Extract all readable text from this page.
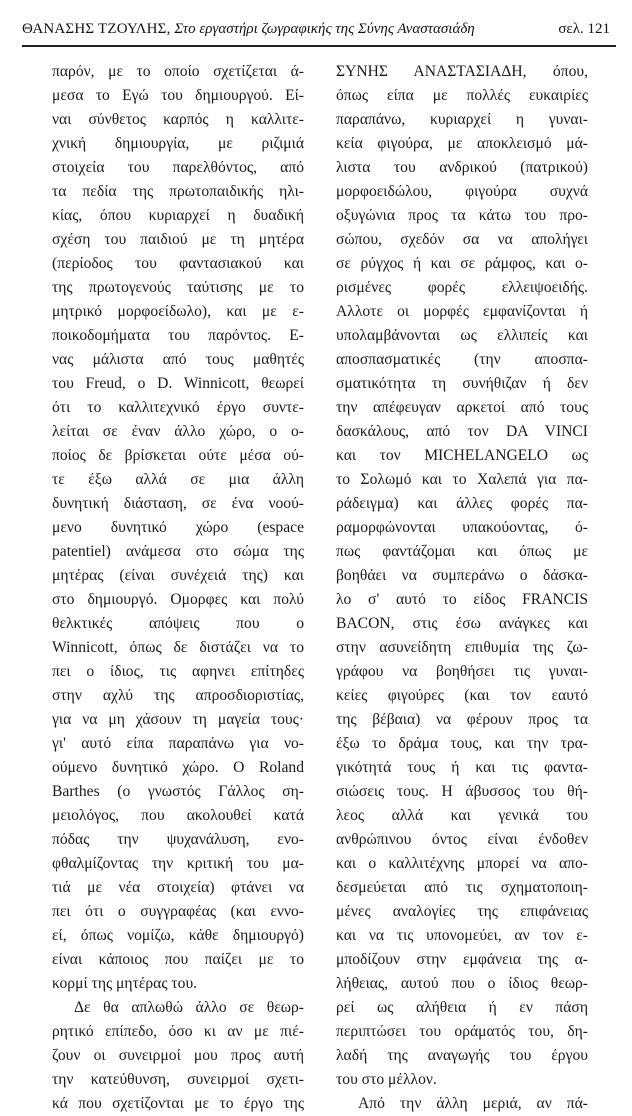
ΘΑΝΑΣΗΣ ΤΖΟΥΛΗΣ, Στο εργαστήρι ζωγραφικής της Σύνης Αναστασιάδη	σελ. 121
παρόν, με το οποίο σχετίζεται ά-
μεσα το Εγώ του δημιουργού. Εί-
ναι σύνθετος καρπός η καλλιτε-
χνική δημιουργία, με ριζιμιά
στοιχεία του παρελθόντος, από
τα πεδία της πρωτοπαιδικής ηλι-
κίας, όπου κυριαρχεί η δυαδική
σχέση του παιδιού με τη μητέρα
(περίοδος του φαντασιακού και
της πρωτογενούς ταύτισης με το
μητρικό μορφοείδωλο), και με ε-
ποικοδομήματα του παρόντος. Ε-
νας μάλιστα από τους μαθητές
του Freud, ο D. Winnicott, θεωρεί
ότι το καλλιτεχνικό έργο συντε-
λείται σε έναν άλλο χώρο, ο ο-
ποίος δε βρίσκεται ούτε μέσα ού-
τε έξω αλλά σε μια άλλη
δυνητική διάσταση, σε ένα νοού-
μενο δυνητικό χώρο (espace
patentiel) ανάμεσα στο σώμα της
μητέρας (είναι συνέχειά της) και
στο δημιουργό. Ομορφες και πολύ
θελκτικές απόψεις που ο
Winnicott, όπως δε διστάζει να το
πει ο ίδιος, τις αφηνει επίτηδες
στην αχλύ της απροσδιοριστίας,
για να μη χάσουν τη μαγεία τους·
γι' αυτό είπα παραπάνω για νο-
ούμενο δυνητικό χώρο. Ο Roland
Barthes (ο γνωστός Γάλλος ση-
μειολόγος, που ακολουθεί κατά
πόδας την ψυχανάλυση, ενο-
φθαλμίζοντας την κριτική του μα-
τιά με νέα στοιχεία) φτάνει να
πει ότι ο συγγραφέας (και εννο-
εί, όπως νομίζω, κάθε δημιουργό)
είναι κάποιος που παίζει με το
κορμί της μητέρας του.
Δε θα απλωθώ άλλο σε θεωρ-
ρητικό επίπεδο, όσο κι αν με πιέ-
ζουν οι συνειρμοί μου προς αυτή
την κατεύθυνση, συνειρμοί σχετι-
κά που σχετίζονται με το έργο της
ΣΥΝΗΣ ΑΝΑΣΤΑΣΙΑΔΗ, όπου,
όπως είπα με πολλές ευκαιρίες
παραπάνω, κυριαρχεί η γυναι-
κεία φιγούρα, με αποκλεισμό μά-
λιστα του ανδρικού (πατρικού)
μορφοειδώλου, φιγούρα συχνά
οξυγώνια προς τα κάτω του προ-
σώπου, σχεδόν σα να απολήγει
σε ρύγχος ή και σε ράμφος, και ο-
ρισμένες φορές ελλειψοειδής.
Αλλοτε οι μορφές εμφανίζονται ή
υπολαμβάνονται ως ελλιπείς και
αποσπασματικές (την αποσπα-
σματικότητα τη συνήθιζαν ή δεν
την απέφευγαν αρκετοί από τους
δασκάλους, από τον DA VINCI
και τον MICHELANGELO ως
το Σολωμό και το Χαλεπά για πα-
ράδειγμα) και άλλες φορές πα-
ραμορφώνονται υπακούοντας, ό-
πως φαντάζομαι και όπως με
βοηθάει να συμπεράνω ο δάσκα-
λο σ' αυτό το είδος FRANCIS
BACON, στις έσω ανάγκες και
στην ασυνείδητη επιθυμία της ζω-
γράφου να βοηθήσει τις γυναι-
κείες φιγούρες (και τον εαυτό
της βέβαια) να φέρουν προς τα
έξω το δράμα τους, και την τρα-
γικότητά τους ή και τις φαντα-
σιώσεις τους. Η άβυσσος του θή-
λεος αλλά και γενικά του
ανθρώπινου όντος είναι ένδοθεν
και ο καλλιτέχνης μπορεί να απο-
δεσμεύεται από τις σχηματοποιη-
μένες αναλογίες της επιφάνειας
και να τις υπονομεύει, αν τον ε-
μποδίζουν στην εμφάνεια της α-
λήθειας, αυτού που ο ίδιος θεωρ-
ρεί ως αλήθεια ή εν πάση
περιπτώσει του οράματός του, δη-
λαδή της αναγωγής του έργου
του στο μέλλον.
Από την άλλη μεριά, αν πά-
